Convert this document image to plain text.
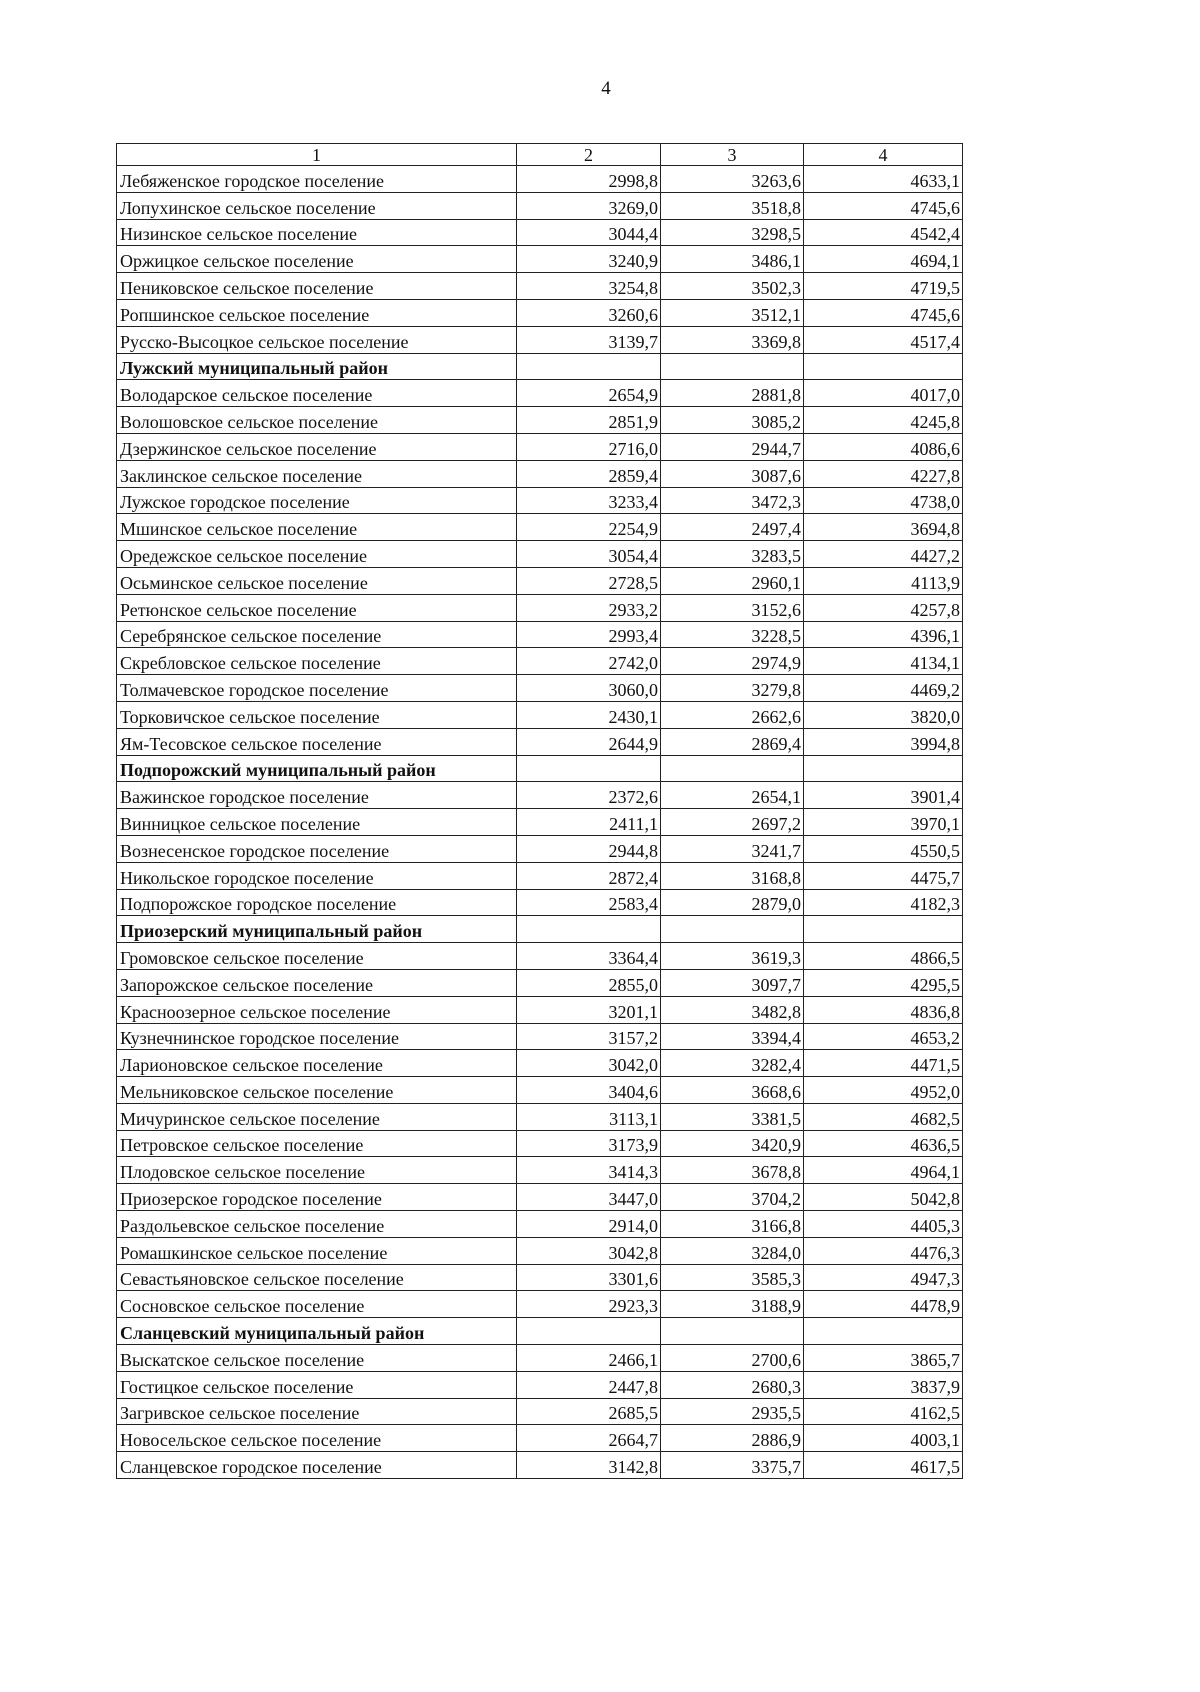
4
1	2	3	4
Лебяженское городское поселение	2998,8	3263,6	4633,1
Лопухинское сельское поселение	3269,0	3518,8	4745,6
Низинское сельское поселение	3044,4	3298,5	4542,4
Оржицкое сельское поселение	3240,9	3486,1	4694,1
Пениковское сельское поселение	3254,8	3502,3	4719,5
Ропшинское сельское поселение	3260,6	3512,1	4745,6
Русско-Высоцкое сельское поселение	3139,7	3369,8	4517,4
Лужский муниципальный район			
Володарское сельское поселение	2654,9	2881,8	4017,0
Волошовское сельское поселение	2851,9	3085,2	4245,8
Дзержинское сельское поселение	2716,0	2944,7	4086,6
Заклинское сельское поселение	2859,4	3087,6	4227,8
Лужское городское поселение	3233,4	3472,3	4738,0
Мшинское сельское поселение	2254,9	2497,4	3694,8
Оредежское сельское поселение	3054,4	3283,5	4427,2
Осьминское сельское поселение	2728,5	2960,1	4113,9
Ретюнское сельское поселение	2933,2	3152,6	4257,8
Серебрянское сельское поселение	2993,4	3228,5	4396,1
Скребловское сельское поселение	2742,0	2974,9	4134,1
Толмачевское городское поселение	3060,0	3279,8	4469,2
Торковичское сельское поселение	2430,1	2662,6	3820,0
Ям-Тесовское сельское поселение	2644,9	2869,4	3994,8
Подпорожский муниципальный район			
Важинское городское поселение	2372,6	2654,1	3901,4
Винницкое сельское поселение	2411,1	2697,2	3970,1
Вознесенское городское поселение	2944,8	3241,7	4550,5
Никольское городское поселение	2872,4	3168,8	4475,7
Подпорожское городское поселение	2583,4	2879,0	4182,3
Приозерский муниципальный район			
Громовское сельское поселение	3364,4	3619,3	4866,5
Запорожское сельское поселение	2855,0	3097,7	4295,5
Красноозерное сельское поселение	3201,1	3482,8	4836,8
Кузнечнинское городское поселение	3157,2	3394,4	4653,2
Ларионовское сельское поселение	3042,0	3282,4	4471,5
Мельниковское сельское поселение	3404,6	3668,6	4952,0
Мичуринское сельское поселение	3113,1	3381,5	4682,5
Петровское сельское поселение	3173,9	3420,9	4636,5
Плодовское сельское поселение	3414,3	3678,8	4964,1
Приозерское городское поселение	3447,0	3704,2	5042,8
Раздольевское сельское поселение	2914,0	3166,8	4405,3
Ромашкинское сельское поселение	3042,8	3284,0	4476,3
Севастьяновское сельское поселение	3301,6	3585,3	4947,3
Сосновское сельское поселение	2923,3	3188,9	4478,9
Сланцевский муниципальный район			
Выскатское сельское поселение	2466,1	2700,6	3865,7
Гостицкое сельское поселение	2447,8	2680,3	3837,9
Загривское сельское поселение	2685,5	2935,5	4162,5
Новосельское сельское поселение	2664,7	2886,9	4003,1
Сланцевское городское поселение	3142,8	3375,7	4617,5
